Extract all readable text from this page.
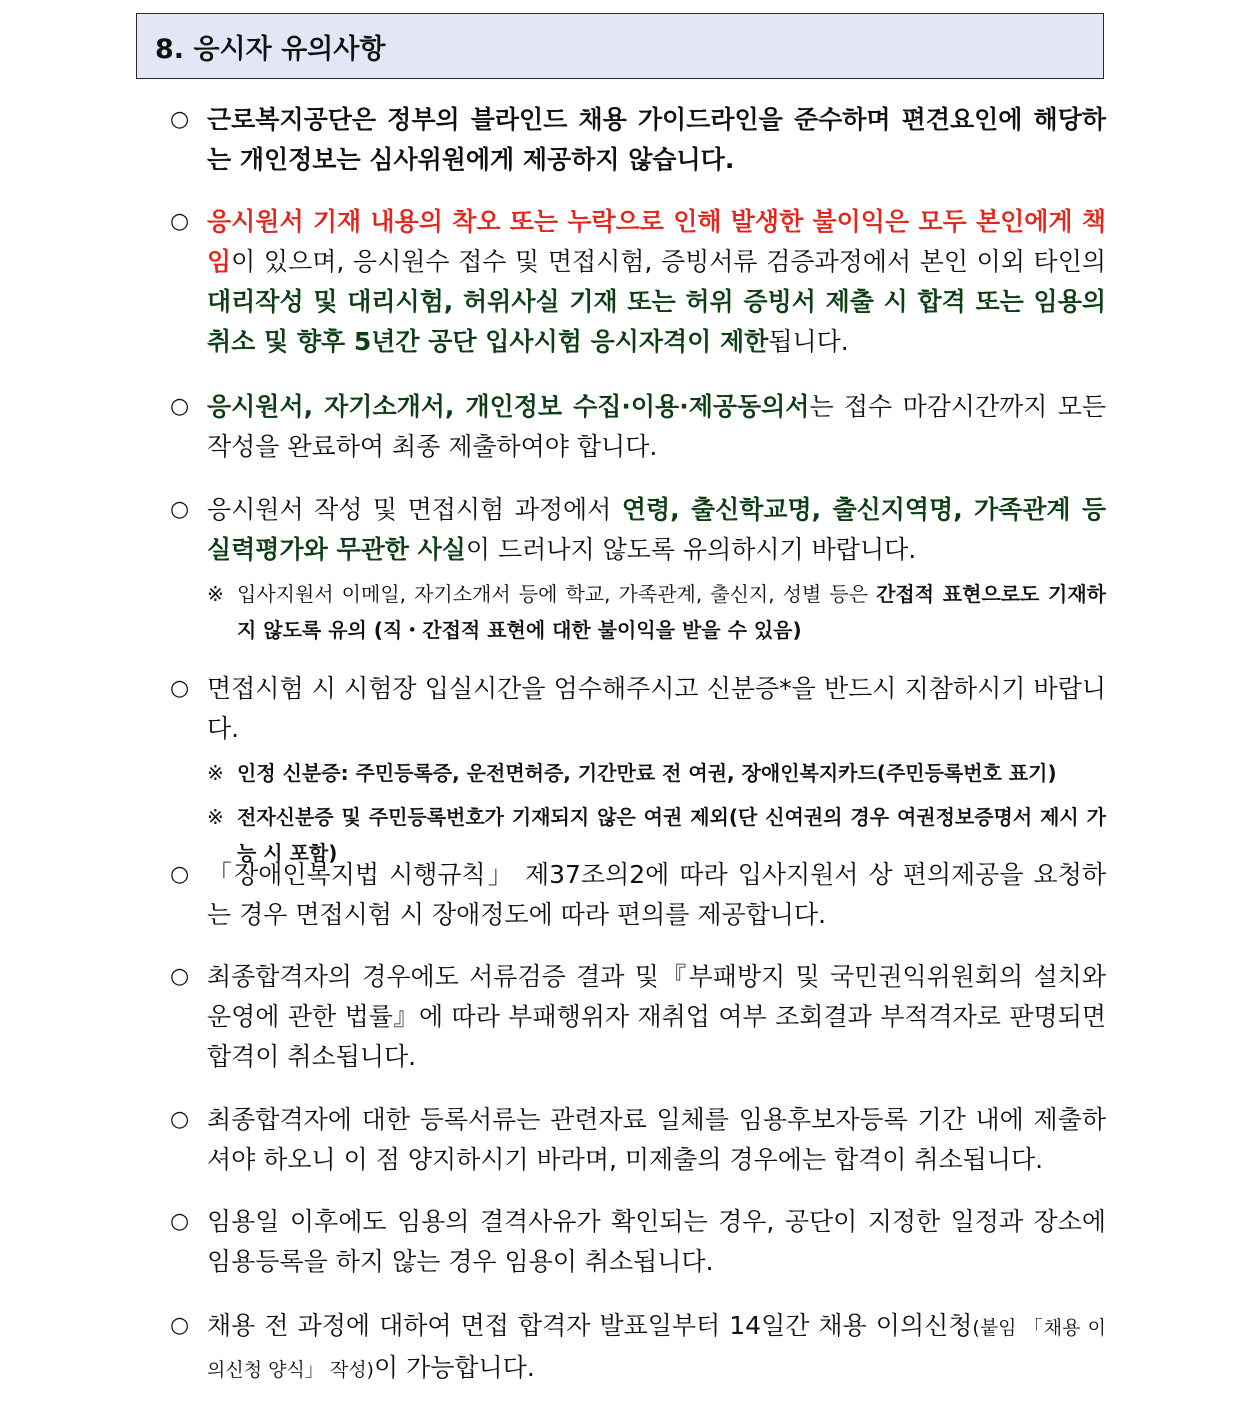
8. 응시자 유의사항
○ 근로복지공단은 정부의 블라인드 채용 가이드라인을 준수하며 편견요인에 해당하는 개인정보는 심사위원에게 제공하지 않습니다.
○ 응시원서 기재 내용의 착오 또는 누락으로 인해 발생한 불이익은 모두 본인에게 책임이 있으며, 응시원수 접수 및 면접시험, 증빙서류 검증과정에서 본인 이외 타인의 대리작성 및 대리시험, 허위사실 기재 또는 허위 증빙서 제출 시 합격 또는 임용의 취소 및 향후 5년간 공단 입사시험 응시자격이 제한됩니다.
○ 응시원서, 자기소개서, 개인정보 수집·이용·제공동의서는 접수 마감시간까지 모든 작성을 완료하여 최종 제출하여야 합니다.
○ 응시원서 작성 및 면접시험 과정에서 연령, 출신학교명, 출신지역명, 가족관계 등 실력평가와 무관한 사실이 드러나지 않도록 유의하시기 바랍니다.
※ 입사지원서 이메일, 자기소개서 등에 학교, 가족관계, 출신지, 성별 등은 간접적 표현으로도 기재하지 않도록 유의 (직・간접적 표현에 대한 불이익을 받을 수 있음)
○ 면접시험 시 시험장 입실시간을 엄수해주시고 신분증*을 반드시 지참하시기 바랍니다.
※ 인정 신분증: 주민등록증, 운전면허증, 기간만료 전 여권, 장애인복지카드(주민등록번호 표기)
※ 전자신분증 및 주민등록번호가 기재되지 않은 여권 제외(단 신여권의 경우 여권정보증명서 제시 가능 시 포함)
○ 「장애인복지법 시행규칙」 제37조의2에 따라 입사지원서 상 편의제공을 요청하는 경우 면접시험 시 장애정도에 따라 편의를 제공합니다.
○ 최종합격자의 경우에도 서류검증 결과 및『부패방지 및 국민권익위원회의 설치와 운영에 관한 법률』에 따라 부패행위자 재취업 여부 조회결과 부적격자로 판명되면 합격이 취소됩니다.
○ 최종합격자에 대한 등록서류는 관련자료 일체를 임용후보자등록 기간 내에 제출하셔야 하오니 이 점 양지하시기 바라며, 미제출의 경우에는 합격이 취소됩니다.
○ 임용일 이후에도 임용의 결격사유가 확인되는 경우, 공단이 지정한 일정과 장소에 임용등록을 하지 않는 경우 임용이 취소됩니다.
○ 채용 전 과정에 대하여 면접 합격자 발표일부터 14일간 채용 이의신청(붙임 「채용 이의신청 양식」 작성)이 가능합니다.
